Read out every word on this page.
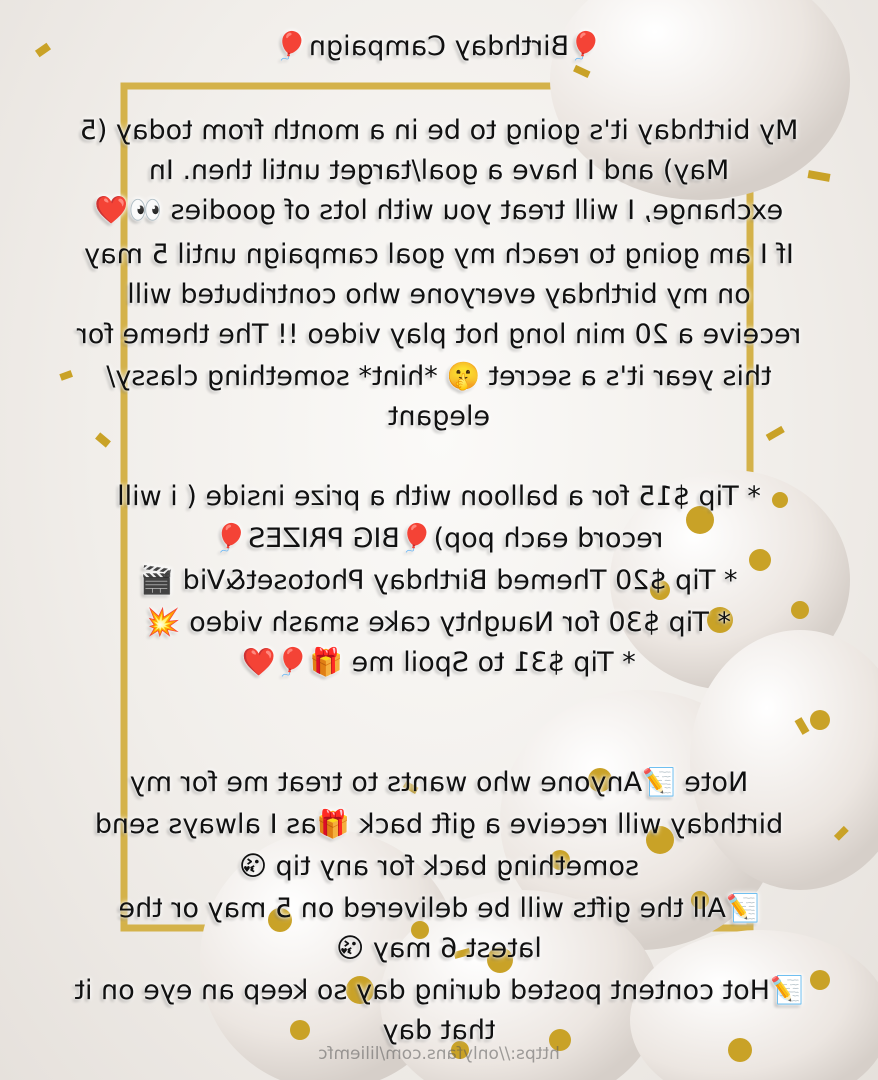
🎈Birthday Campaign🎈
My birthday it's going to be in a month from today (5
May) and I have a goal/target until then. In
exchange, I will treat you with lots of goodies 👀❤️
If I am going to reach my goal campaign until 5 may
on my birthday everyone who contributed will
receive a 20 min long hot play video !! The theme for
this year it's a secret 🤫 *hint* something classy/
elegant
* Tip $15 for a balloon with a prize inside ( i will
record each pop)🎈BIG PRIZES🎈
* Tip $20 Themed Birthday Photoset&Vid 🎬
* Tip $30 for Naughty cake smash video 💥
* Tip $31 to Spoil me 🎁🎈❤️
Note 📝Anyone who wants to treat me for my
birthday will receive a gift back 🎁as I always send
something back for any tip 😘
📝All the gifts will be delivered on 5 may or the
latest 6 may 😘
📝Hot content posted during day so keep an eye on it
that day
https://onlyfans.com/liliemfc
